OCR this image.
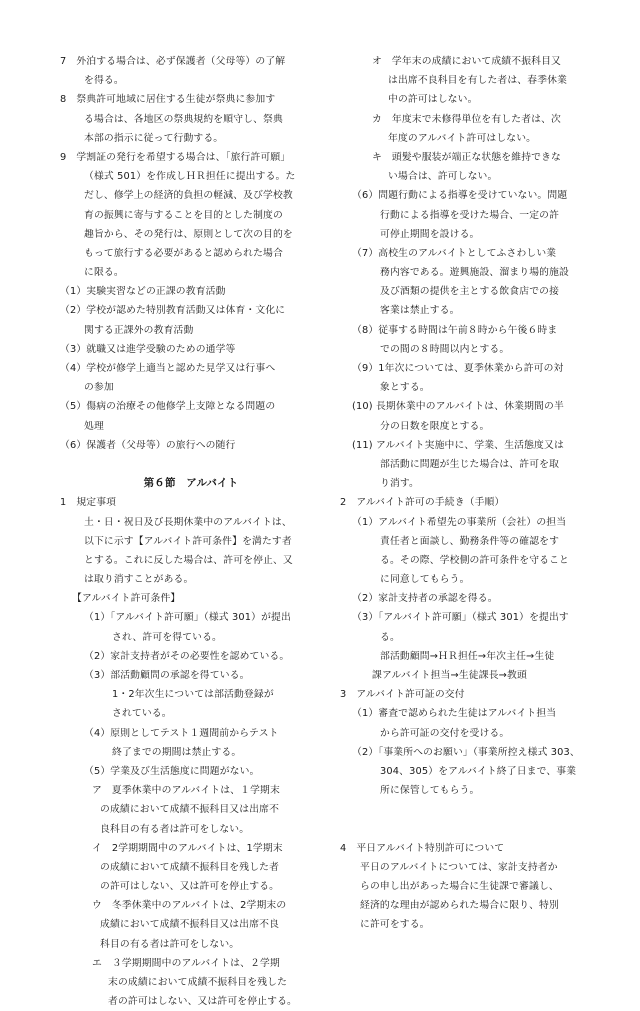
7　外泊する場合は、必ず保護者（父母等）の了解
を得る。
8　祭典許可地域に居住する生徒が祭典に参加す
る場合は、各地区の祭典規約を順守し、祭典
本部の指示に従って行動する。
9　学割証の発行を希望する場合は、「旅行許可願」
（様式 501）を作成しＨＲ担任に提出する。た
だし、修学上の経済的負担の軽減、及び学校教
育の振興に寄与することを目的とした制度の
趣旨から、その発行は、原則として次の目的を
もって旅行する必要があると認められた場合
に限る。
（1）実験実習などの正課の教育活動
（2）学校が認めた特別教育活動又は体育・文化に
関する正課外の教育活動
（3）就職又は進学受験のための通学等
（4）学校が修学上適当と認めた見学又は行事へ
の参加
（5）傷病の治療その他修学上支障となる問題の
処理
（6）保護者（父母等）の旅行への随行
第６節　アルバイト
1　規定事項
土・日・祝日及び長期休業中のアルバイトは、
以下に示す【アルバイト許可条件】を満たす者
とする。これに反した場合は、許可を停止、又
は取り消すことがある。
【アルバイト許可条件】
（1）「アルバイト許可願」（様式 301）が提出
され、許可を得ている。
（2）家計支持者がその必要性を認めている。
（3）部活動顧問の承認を得ている。
1・2年次生については部活動登録が
されている。
（4）原則としてテスト１週間前からテスト
終了までの期間は禁止する。
（5）学業及び生活態度に問題がない。
ア　夏季休業中のアルバイトは、１学期末
の成績において成績不振科目又は出席不
良科目の有る者は許可をしない。
イ　2学期期間中のアルバイトは、1学期末
の成績において成績不振科目を残した者
の許可はしない、又は許可を停止する。
ウ　冬季休業中のアルバイトは、2学期末の
成績において成績不振科目又は出席不良
科目の有る者は許可をしない。
エ　３学期期間中のアルバイトは、２学期
末の成績において成績不振科目を残した
者の許可はしない、又は許可を停止する。
オ　学年末の成績において成績不振科目又
は出席不良科目を有した者は、春季休業
中の許可はしない。
カ　年度末で未修得単位を有した者は、次
年度のアルバイト許可はしない。
キ　頭髪や服装が端正な状態を維持できな
い場合は、許可しない。
（6）問題行動による指導を受けていない。問題
行動による指導を受けた場合、一定の許
可停止期間を設ける。
（7）高校生のアルバイトとしてふさわしい業
務内容である。遊興施設、溜まり場的施設
及び酒類の提供を主とする飲食店での接
客業は禁止する。
（8）従事する時間は午前８時から午後６時ま
での間の８時間以内とする。
（9）1年次については、夏季休業から許可の対
象とする。
(10) 長期休業中のアルバイトは、休業期間の半
分の日数を限度とする。
(11) アルバイト実施中に、学業、生活態度又は
部活動に問題が生じた場合は、許可を取
り消す。
2　アルバイト許可の手続き（手順）
（1）アルバイト希望先の事業所（会社）の担当
責任者と面談し、勤務条件等の確認をす
る。その際、学校側の許可条件を守ること
に同意してもらう。
（2）家計支持者の承認を得る。
（3）「アルバイト許可願」（様式 301）を提出す
る。
部活動顧問→ＨＲ担任→年次主任→生徒
課アルバイト担当→生徒課長→教頭
3　アルバイト許可証の交付
（1）審査で認められた生徒はアルバイト担当
から許可証の交付を受ける。
（2）「事業所へのお願い」（事業所控え様式 303、
304、305）をアルバイト終了日まで、事業
所に保管してもらう。
4　平日アルバイト特別許可について
平日のアルバイトについては、家計支持者か
らの申し出があった場合に生徒課で審議し、
経済的な理由が認められた場合に限り、特別
に許可をする。
